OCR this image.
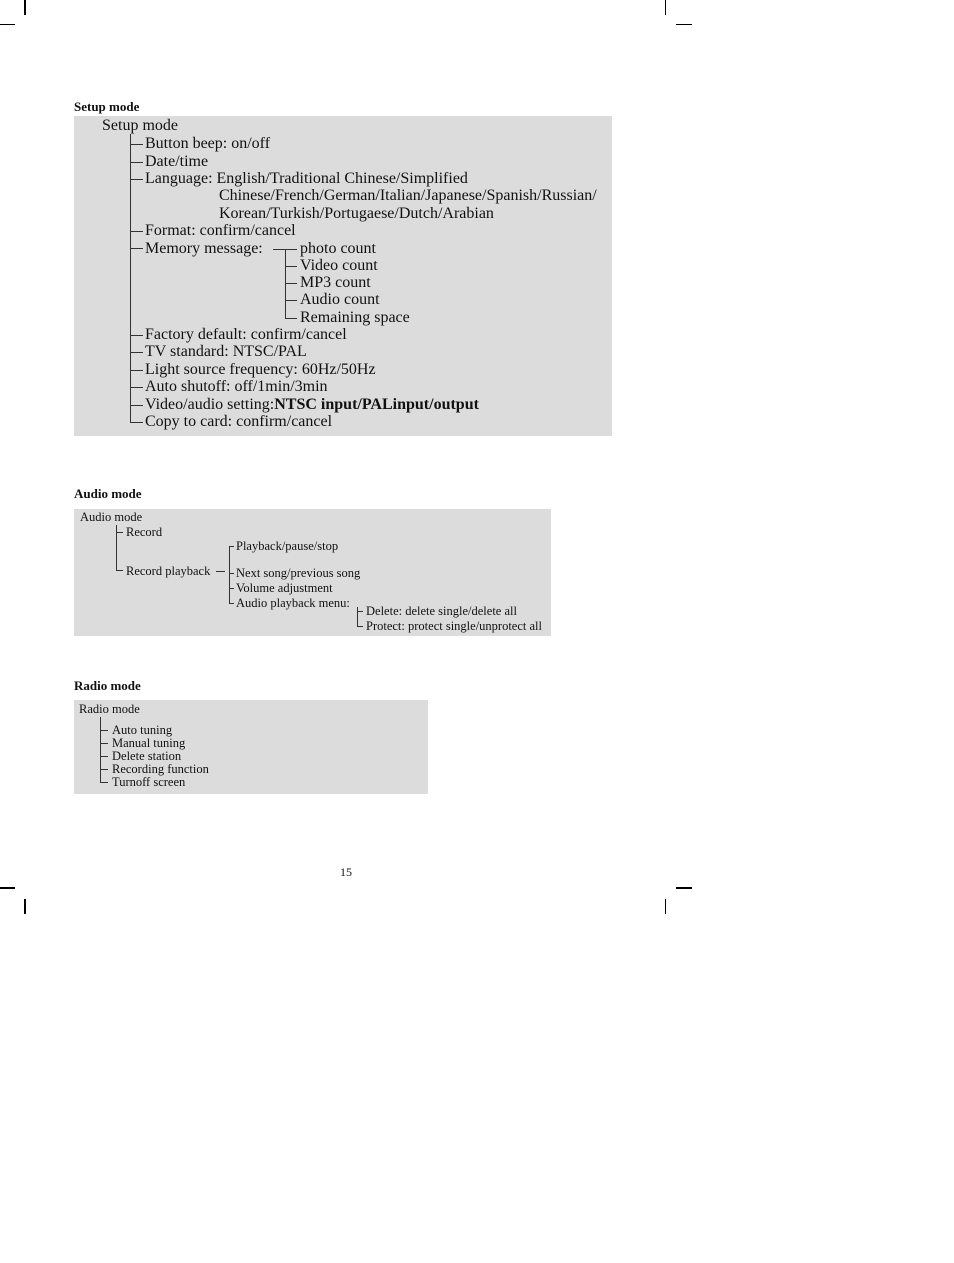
Setup mode
Setup mode
Button beep: on/off
Date/time
Language: English/Traditional Chinese/Simplified
Chinese/French/German/Italian/Japanese/Spanish/Russian/
Korean/Turkish/Portugaese/Dutch/Arabian
Format: confirm/cancel
Memory message: photo count
Video count
MP3 count
Audio count
Remaining space
Factory default: confirm/cancel
TV standard: NTSC/PAL
Light source frequency: 60Hz/50Hz
Auto shutoff: off/1min/3min
Video/audio setting:NTSC input/PALinput/output
Copy to card: confirm/cancel
Audio mode
Audio mode
Record
Playback/pause/stop
Record playback Next song/previous song
Volume adjustment
Audio playback menu:
Delete: delete single/delete all
Protect: protect single/unprotect all
Radio mode
Radio mode
Auto tuning
Manual tuning
Delete station
Recording function
Turnoff screen
15
